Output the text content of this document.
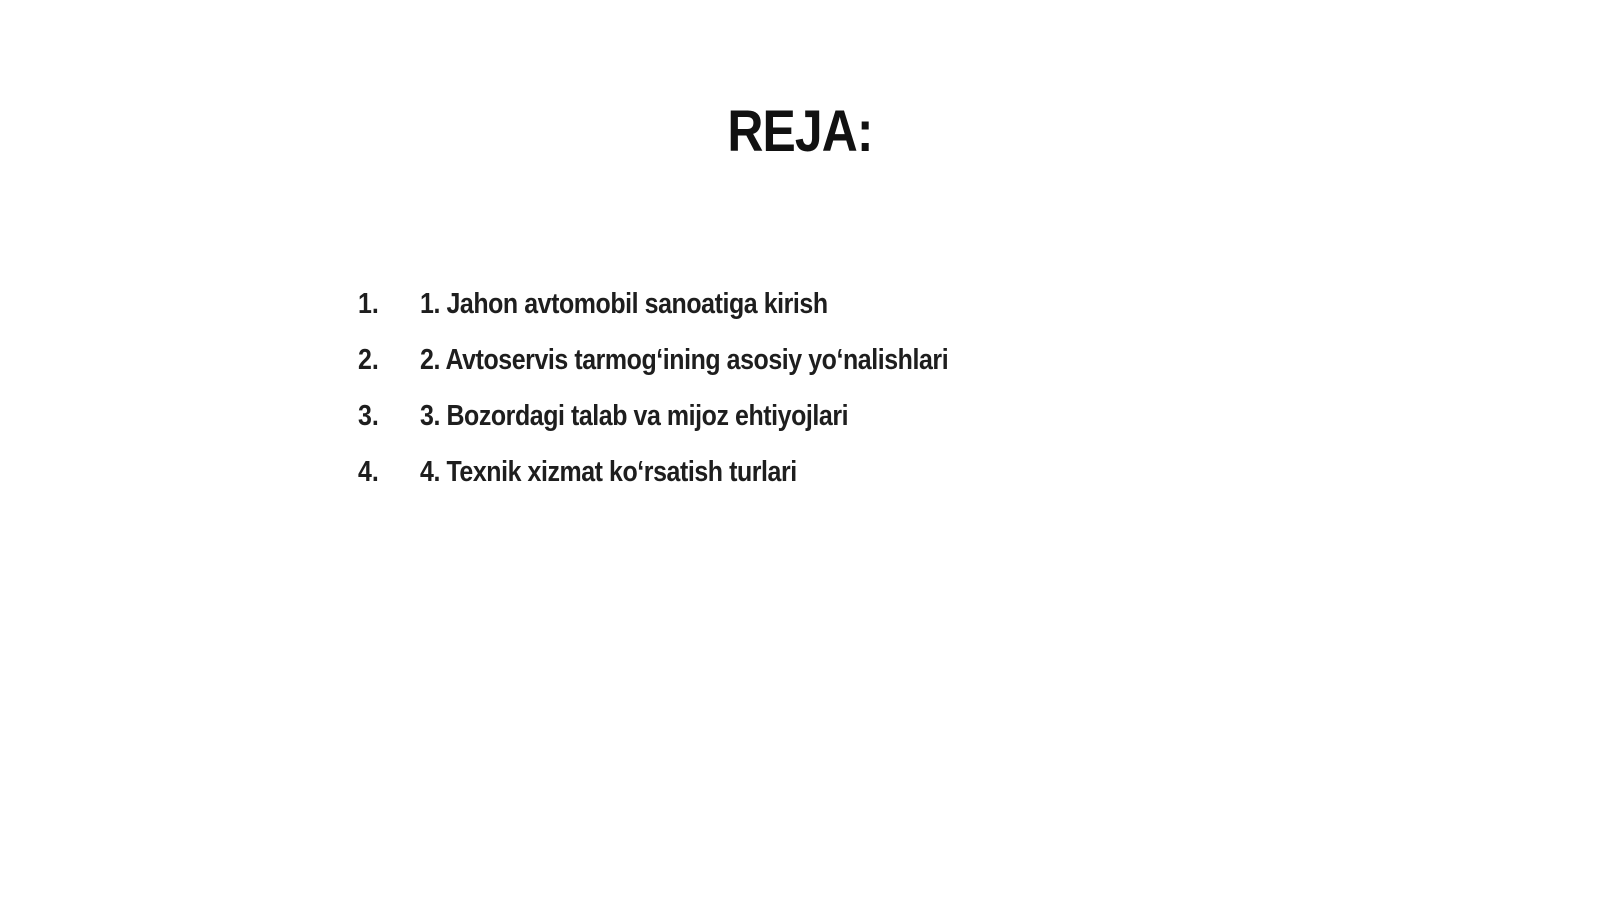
REJA:
1.	1. Jahon avtomobil sanoatiga kirish
2.	2. Avtoservis tarmog‘ining asosiy yo‘nalishlari
3.	3. Bozordagi talab va mijoz ehtiyojlari
4.	4. Texnik xizmat ko‘rsatish turlari
